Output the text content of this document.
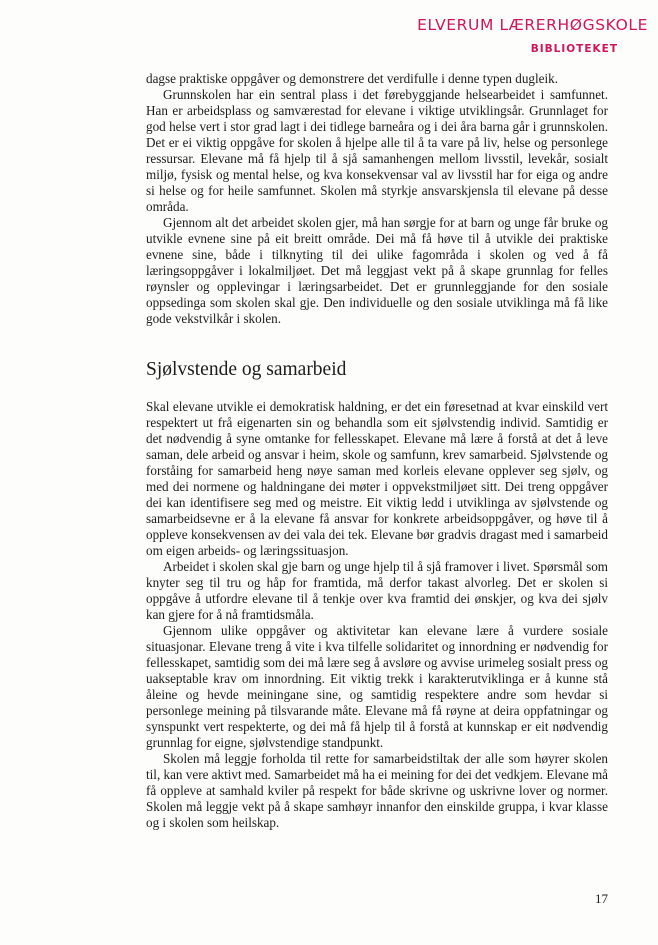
ELVERUM LÆRERHØGSKOLE
BIBLIOTEKET

dagse praktiske oppgåver og demonstrere det verdifulle i denne typen dugleik.

Grunnskolen har ein sentral plass i det førebyggjande helsearbeidet i samfunnet. Han er arbeidsplass og samværestad for elevane i viktige utviklingsår. Grunnlaget for god helse vert i stor grad lagt i dei tidlege barneåra og i dei åra barna går i grunnskolen. Det er ei viktig oppgåve for skolen å hjelpe alle til å ta vare på liv, helse og personlege ressursar. Elevane må få hjelp til å sjå samanhengen mellom livsstil, levekår, sosialt miljø, fysisk og mental helse, og kva konsekvensar val av livsstil har for eiga og andre si helse og for heile samfunnet. Skolen må styrkje ansvarskjensla til elevane på desse områda.

Gjennom alt det arbeidet skolen gjer, må han sørgje for at barn og unge får bruke og utvikle evnene sine på eit breitt område. Dei må få høve til å utvikle dei praktiske evnene sine, både i tilknyting til dei ulike fagområda i skolen og ved å få læringsoppgåver i lokalmiljøet. Det må leggjast vekt på å skape grunnlag for felles røynsler og opplevingar i læringsarbeidet. Det er grunnleggjande for den sosiale oppsedinga som skolen skal gje. Den individuelle og den sosiale utviklinga må få like gode vekstvilkår i skolen.

Sjølvstende og samarbeid

Skal elevane utvikle ei demokratisk haldning, er det ein føresetnad at kvar einskild vert respektert ut frå eigenarten sin og behandla som eit sjølvstendig individ. Samtidig er det nødvendig å syne omtanke for fellesskapet. Elevane må lære å forstå at det å leve saman, dele arbeid og ansvar i heim, skole og samfunn, krev samarbeid. Sjølvstende og forståing for samarbeid heng nøye saman med korleis elevane opplever seg sjølv, og med dei normene og haldningane dei møter i oppvekstmiljøet sitt. Dei treng oppgåver dei kan identifisere seg med og meistre. Eit viktig ledd i utviklinga av sjølvstende og samarbeidsevne er å la elevane få ansvar for konkrete arbeidsoppgåver, og høve til å oppleve konsekvensen av dei vala dei tek. Elevane bør gradvis dragast med i samarbeid om eigen arbeids- og læringssituasjon.

Arbeidet i skolen skal gje barn og unge hjelp til å sjå framover i livet. Spørsmål som knyter seg til tru og håp for framtida, må derfor takast alvorleg. Det er skolen si oppgåve å utfordre elevane til å tenkje over kva framtid dei ønskjer, og kva dei sjølv kan gjere for å nå framtidsmåla.

Gjennom ulike oppgåver og aktivitetar kan elevane lære å vurdere sosiale situasjonar. Elevane treng å vite i kva tilfelle solidaritet og innordning er nødvendig for fellesskapet, samtidig som dei må lære seg å avsløre og avvise urimeleg sosialt press og uakseptable krav om innordning. Eit viktig trekk i karakterutviklinga er å kunne stå åleine og hevde meiningane sine, og samtidig respektere andre som hevdar si personlege meining på tilsvarande måte. Elevane må få røyne at deira oppfatningar og synspunkt vert respekterte, og dei må få hjelp til å forstå at kunnskap er eit nødvendig grunnlag for eigne, sjølvstendige standpunkt.

Skolen må leggje forholda til rette for samarbeidstiltak der alle som høyrer skolen til, kan vere aktivt med. Samarbeidet må ha ei meining for dei det vedkjem. Elevane må få oppleve at samhald kviler på respekt for både skrivne og uskrivne lover og normer. Skolen må leggje vekt på å skape samhøyr innanfor den einskilde gruppa, i kvar klasse og i skolen som heilskap.

17
